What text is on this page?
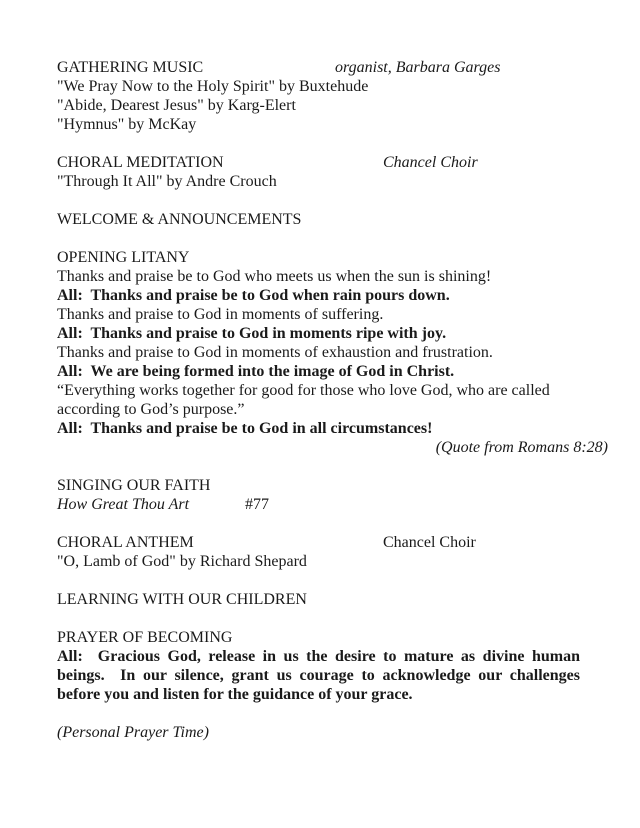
GATHERING MUSIC	organist, Barbara Garges
"We Pray Now to the Holy Spirit" by Buxtehude
"Abide, Dearest Jesus" by Karg-Elert
"Hymnus" by McKay
CHORAL MEDITATION	Chancel Choir
"Through It All" by Andre Crouch
WELCOME & ANNOUNCEMENTS
OPENING LITANY
Thanks and praise be to God who meets us when the sun is shining!
All:  Thanks and praise be to God when rain pours down.
Thanks and praise to God in moments of suffering.
All:  Thanks and praise to God in moments ripe with joy.
Thanks and praise to God in moments of exhaustion and frustration.
All:  We are being formed into the image of God in Christ.
“Everything works together for good for those who love God, who are called
according to God’s purpose.”
All:  Thanks and praise be to God in all circumstances!
(Quote from Romans 8:28)
SINGING OUR FAITH
How Great Thou Art	#77
CHORAL ANTHEM	Chancel Choir
"O, Lamb of God" by Richard Shepard
LEARNING WITH OUR CHILDREN
PRAYER OF BECOMING
All:  Gracious God, release in us the desire to mature as divine human
beings.  In our silence, grant us courage to acknowledge our challenges
before you and listen for the guidance of your grace.
(Personal Prayer Time)
